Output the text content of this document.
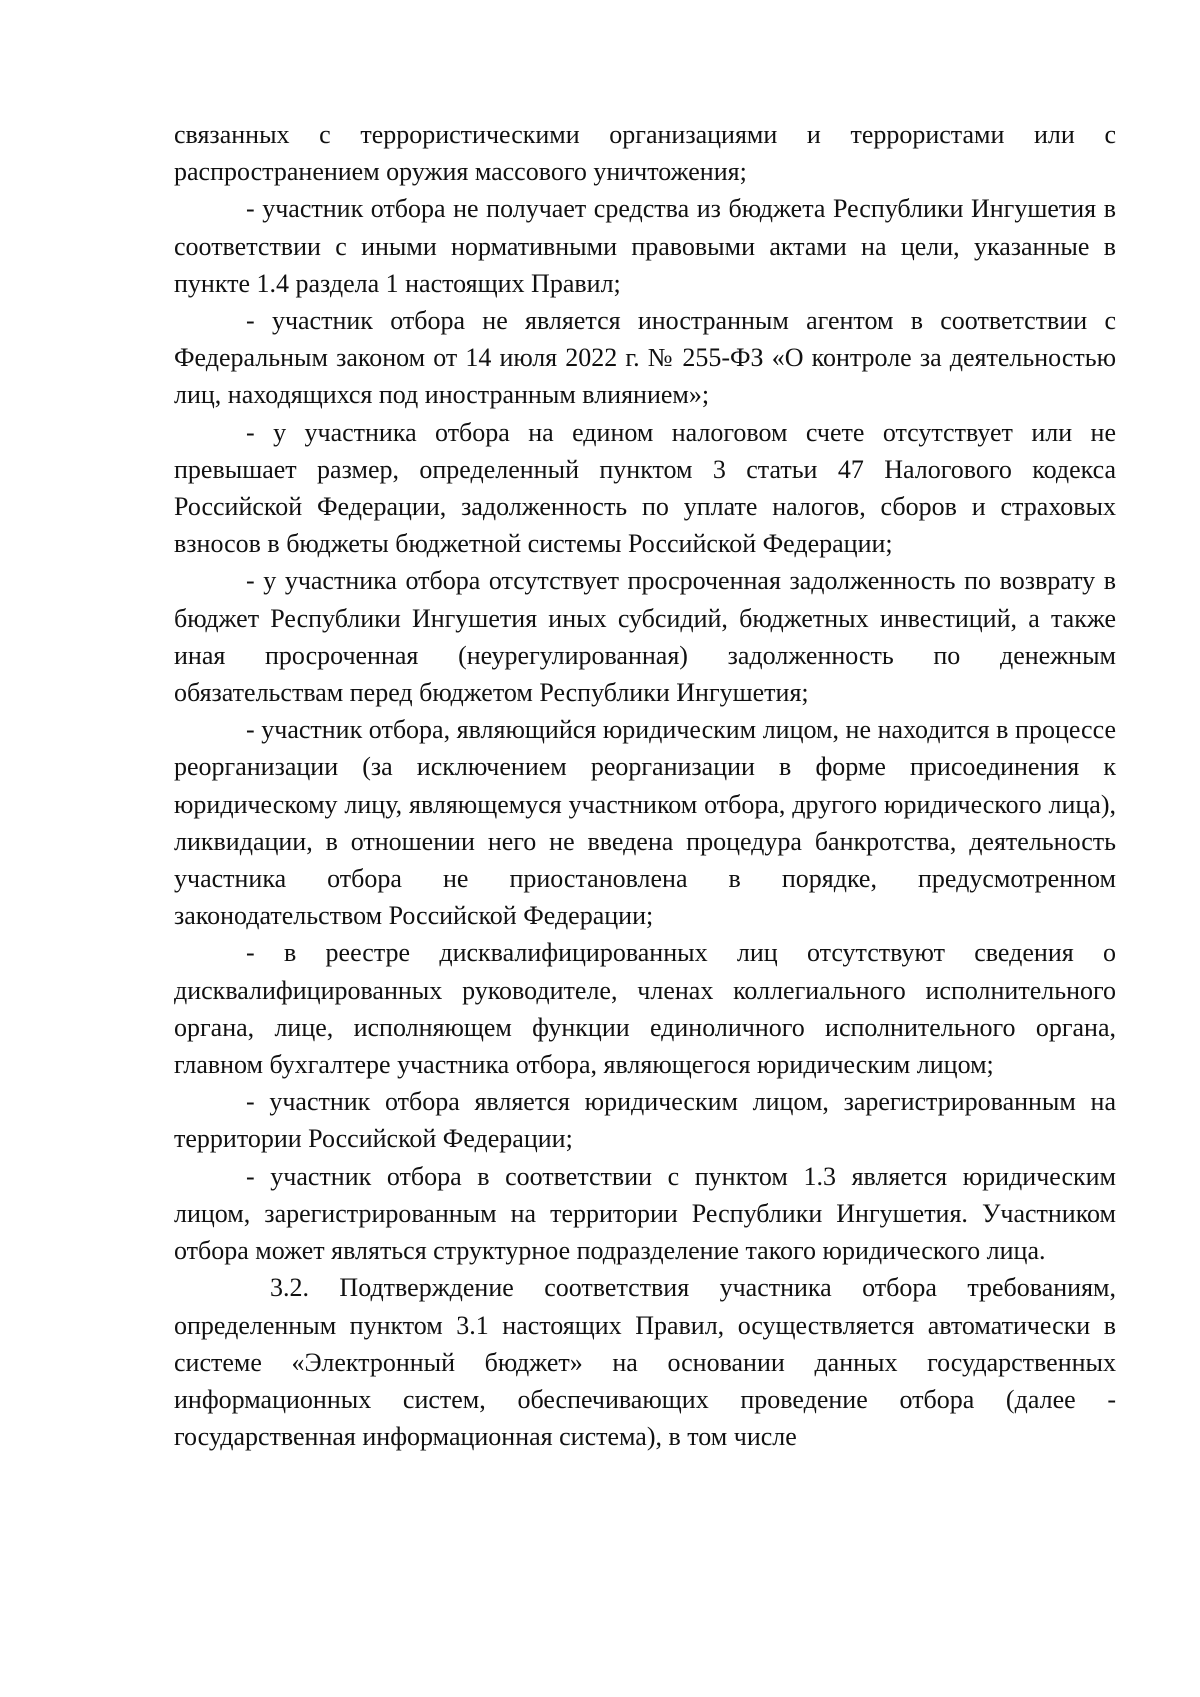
связанных с террористическими организациями и террористами или с распространением оружия массового уничтожения;

- участник отбора не получает средства из бюджета Республики Ингушетия в соответствии с иными нормативными правовыми актами на цели, указанные в пункте 1.4 раздела 1 настоящих Правил;

- участник отбора не является иностранным агентом в соответствии с Федеральным законом от 14 июля 2022 г. № 255-ФЗ «О контроле за деятельностью лиц, находящихся под иностранным влиянием»;

- у участника отбора на едином налоговом счете отсутствует или не превышает размер, определенный пунктом 3 статьи 47 Налогового кодекса Российской Федерации, задолженность по уплате налогов, сборов и страховых взносов в бюджеты бюджетной системы Российской Федерации;

- у участника отбора отсутствует просроченная задолженность по возврату в бюджет Республики Ингушетия иных субсидий, бюджетных инвестиций, а также иная просроченная (неурегулированная) задолженность по денежным обязательствам перед бюджетом Республики Ингушетия;

- участник отбора, являющийся юридическим лицом, не находится в процессе реорганизации (за исключением реорганизации в форме присоединения к юридическому лицу, являющемуся участником отбора, другого юридического лица), ликвидации, в отношении него не введена процедура банкротства, деятельность участника отбора не приостановлена в порядке, предусмотренном законодательством Российской Федерации;

- в реестре дисквалифицированных лиц отсутствуют сведения о дисквалифицированных руководителе, членах коллегиального исполнительного органа, лице, исполняющем функции единоличного исполнительного органа, главном бухгалтере участника отбора, являющегося юридическим лицом;

- участник отбора является юридическим лицом, зарегистрированным на территории Российской Федерации;

- участник отбора в соответствии с пунктом 1.3 является юридическим лицом, зарегистрированным на территории Республики Ингушетия. Участником отбора может являться структурное подразделение такого юридического лица.

3.2. Подтверждение соответствия участника отбора требованиям, определенным пунктом 3.1 настоящих Правил, осуществляется автоматически в системе «Электронный бюджет» на основании данных государственных информационных систем, обеспечивающих проведение отбора (далее - государственная информационная система), в том числе
